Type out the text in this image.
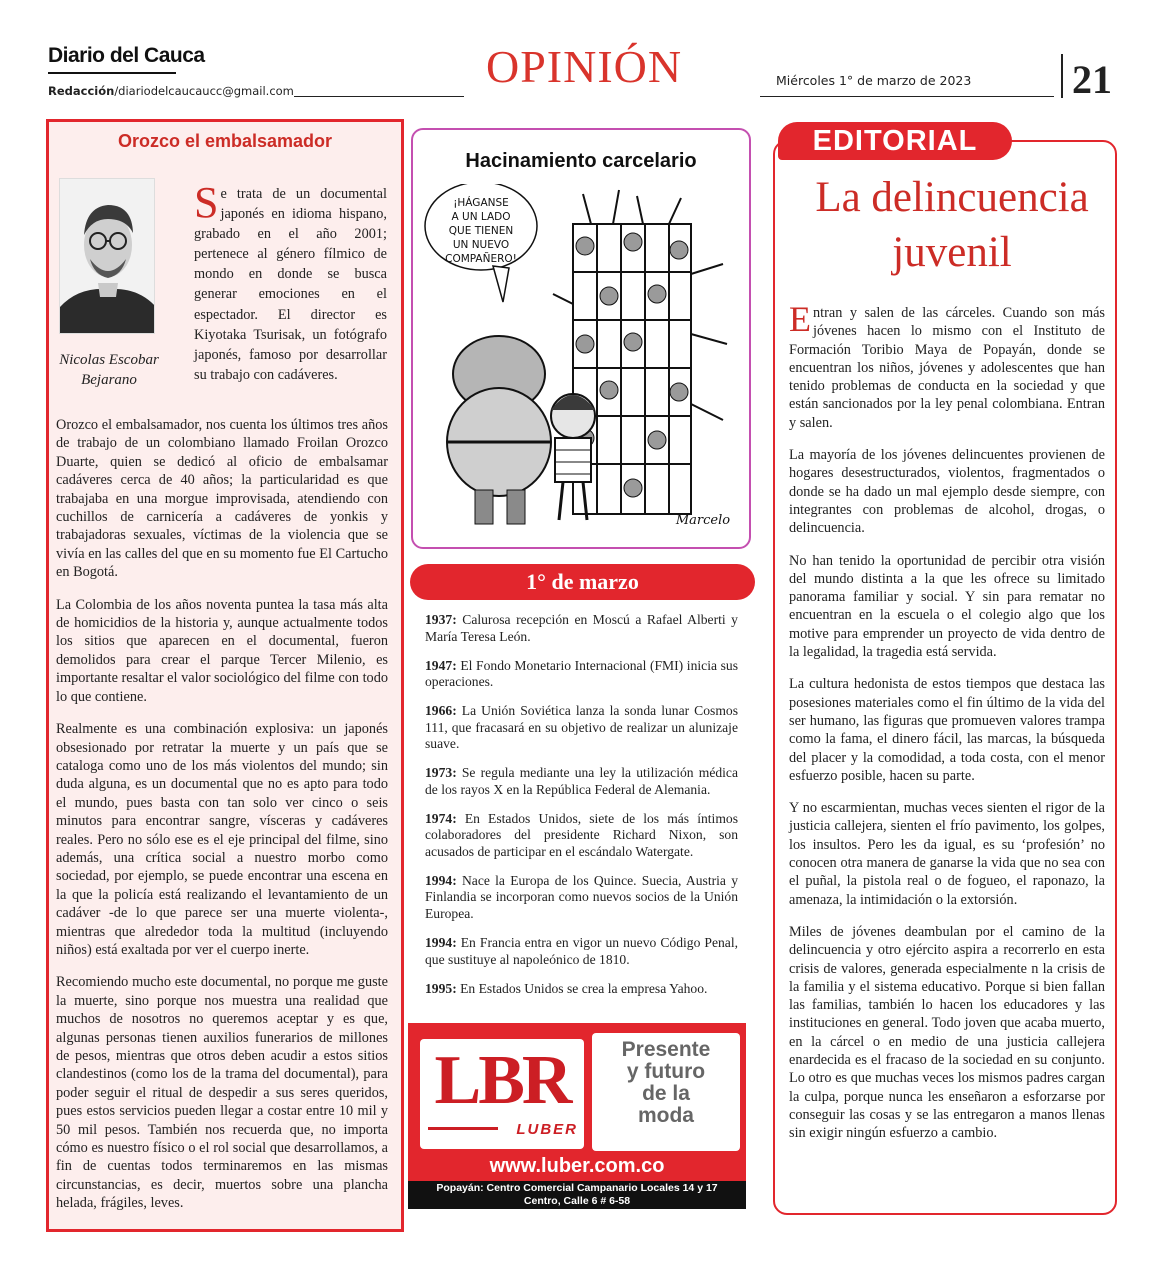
Diario del Cauca
Redacción/diariodelcaucaucc@gmail.com	OPINIÓN	Miércoles 1° de marzo de 2023	21
Orozco el embalsamador
Nicolas Escobar Bejarano
Se trata de un documental japonés en idioma hispano, grabado en el año 2001; pertenece al género fílmico de mondo en donde se busca generar emociones en el espectador. El director es Kiyotaka Tsurisak, un fotógrafo japonés, famoso por desarrollar su trabajo con cadáveres.

Orozco el embalsamador, nos cuenta los últimos tres años de trabajo de un colombiano llamado Froilan Orozco Duarte, quien se dedicó al oficio de embalsamar cadáveres cerca de 40 años; la particularidad es que trabajaba en una morgue improvisada, atendiendo con cuchillos de carnicería a cadáveres de yonkis y trabajadoras sexuales, víctimas de la violencia que se vivía en las calles del que en su momento fue El Cartucho en Bogotá.

La Colombia de los años noventa puntea la tasa más alta de homicidios de la historia y, aunque actualmente todos los sitios que aparecen en el documental, fueron demolidos para crear el parque Tercer Milenio, es importante resaltar el valor sociológico del filme con todo lo que contiene.

Realmente es una combinación explosiva: un japonés obsesionado por retratar la muerte y un país que se cataloga como uno de los más violentos del mundo; sin duda alguna, es un documental que no es apto para todo el mundo, pues basta con tan solo ver cinco o seis minutos para encontrar sangre, vísceras y cadáveres reales. Pero no sólo ese es el eje principal del filme, sino además, una crítica social a nuestro morbo como sociedad, por ejemplo, se puede encontrar una escena en la que la policía está realizando el levantamiento de un cadáver -de lo que parece ser una muerte violenta-, mientras que alrededor toda la multitud (incluyendo niños) está exaltada por ver el cuerpo inerte.

Recomiendo mucho este documental, no porque me guste la muerte, sino porque nos muestra una realidad que muchos de nosotros no queremos aceptar y es que, algunas personas tienen auxilios funerarios de millones de pesos, mientras que otros deben acudir a estos sitios clandestinos (como los de la trama del documental), para poder seguir el ritual de despedir a sus seres queridos, pues estos servicios pueden llegar a costar entre 10 mil y 50 mil pesos. También nos recuerda que, no importa cómo es nuestro físico o el rol social que desarrollamos, a fin de cuentas todos terminaremos en las mismas circunstancias, es decir, muertos sobre una plancha helada, frágiles, leves.

Hacinamiento carcelario
¡HÁGANSE
A UN LADO
QUE TIENEN
UN NUEVO
COMPAÑERO!
Marcelo
1° de marzo

1937: Calurosa recepción en Moscú a Rafael Alberti y María Teresa León.

1947: El Fondo Monetario Internacional (FMI) inicia sus operaciones.

1966: La Unión Soviética lanza la sonda lunar Cosmos 111, que fracasará en su objetivo de realizar un alunizaje suave.

1973: Se regula mediante una ley la utilización médica de los rayos X en la República Federal de Alemania.

1974: En Estados Unidos, siete de los más íntimos colaboradores del presidente Richard Nixon, son acusados de participar en el escándalo Watergate.

1994: Nace la Europa de los Quince. Suecia, Austria y Finlandia se incorporan como nuevos socios de la Unión Europea.

1994: En Francia entra en vigor un nuevo Código Penal, que sustituye al napoleónico de 1810.

1995: En Estados Unidos se crea la empresa Yahoo.

LBR
LUBER
Presente
y futuro
de la
moda
www.luber.com.co
Popayán: Centro Comercial Campanario Locales 14 y 17
Centro, Calle 6 # 6-58
EDITORIAL
La delincuencia
juvenil

Entran y salen de las cárceles. Cuando son más jóvenes hacen lo mismo con el Instituto de Formación Toribio Maya de Popayán, donde se encuentran los niños, jóvenes y adolescentes que han tenido problemas de conducta en la sociedad y que están sancionados por la ley penal colombiana. Entran y salen.

La mayoría de los jóvenes delincuentes provienen de hogares desestructurados, violentos, fragmentados o donde se ha dado un mal ejemplo desde siempre, con integrantes con problemas de alcohol, drogas, o delincuencia.

No han tenido la oportunidad de percibir otra visión del mundo distinta a la que les ofrece su limitado panorama familiar y social. Y sin para rematar no encuentran en la escuela o el colegio algo que los motive para emprender un proyecto de vida dentro de la legalidad, la tragedia está servida.

La cultura hedonista de estos tiempos que destaca las posesiones materiales como el fin último de la vida del ser humano, las figuras que promueven valores trampa como la fama, el dinero fácil, las marcas, la búsqueda del placer y la comodidad, a toda costa, con el menor esfuerzo posible, hacen su parte.

Y no escarmientan, muchas veces sienten el rigor de la justicia callejera, sienten el frío pavimento, los golpes, los insultos. Pero les da igual, es su ‘profesión’ no conocen otra manera de ganarse la vida que no sea con el puñal, la pistola real o de fogueo, el raponazo, la amenaza, la intimidación o la extorsión.

Miles de jóvenes deambulan por el camino de la delincuencia y otro ejército aspira a recorrerlo en esta crisis de valores, generada especialmente n la crisis de la familia y el sistema educativo. Porque si bien fallan las familias, también lo hacen los educadores y las instituciones en general. Todo joven que acaba muerto, en la cárcel o en medio de una justicia callejera enardecida es el fracaso de la sociedad en su conjunto. Lo otro es que muchas veces los mismos padres cargan la culpa, porque nunca les enseñaron a esforzarse por conseguir las cosas y se las entregaron a manos llenas sin exigir ningún esfuerzo a cambio.
